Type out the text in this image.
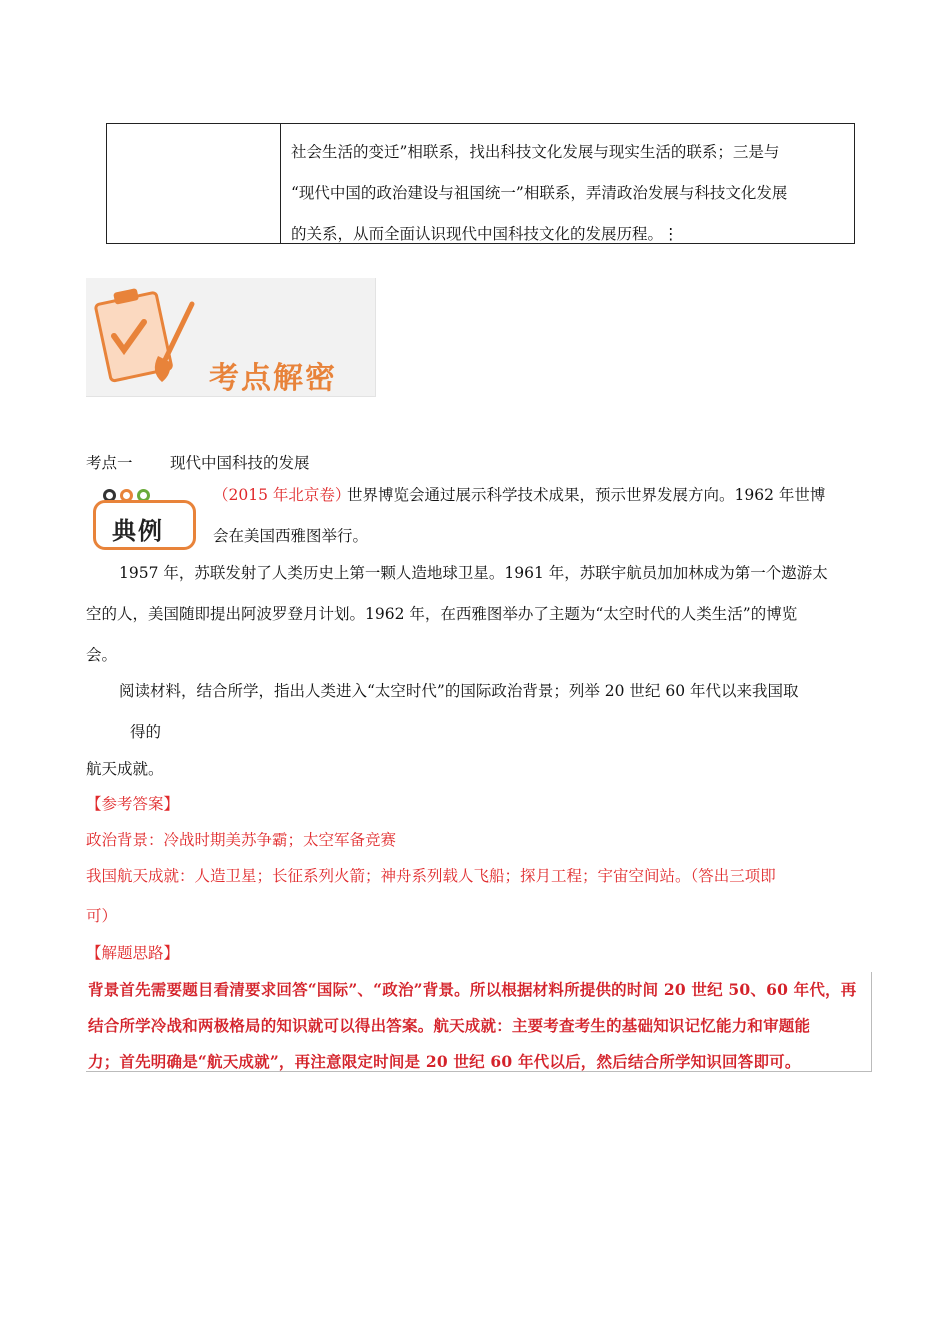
社会生活的变迁”相联系，找出科技文化发展与现实生活的联系；三是与
“现代中国的政治建设与祖国统一”相联系，弄清政治发展与科技文化发展
的关系，从而全面认识现代中国科技文化的发展历程。⋮
考点解密
考点一 现代中国科技的发展
典例
（2015 年北京卷）
世界博览会通过展示科学技术成果，预示世界发展方向。1962 年世博
会在美国西雅图举行。
1957 年，苏联发射了人类历史上第一颗人造地球卫星。1961 年，苏联宇航员加加林成为第一个遨游太
空的人，美国随即提出阿波罗登月计划。1962 年，在西雅图举办了主题为“太空时代的人类生活”的博览
会。
阅读材料，结合所学，指出人类进入“太空时代”的国际政治背景；列举 20 世纪 60 年代以来我国取
得的
航天成就。
【参考答案】
政治背景：冷战时期美苏争霸；太空军备竞赛
我国航天成就：人造卫星；长征系列火箭；神舟系列载人飞船；探月工程；宇宙空间站。（答出三项即
可）
【解题思路】
背景首先需要题目看清要求回答“国际”、“政治”背景。所以根据材料所提供的时间 20 世纪 50、60 年代，再
结合所学冷战和两极格局的知识就可以得出答案。航天成就：主要考查考生的基础知识记忆能力和审题能
力；首先明确是“航天成就”，再注意限定时间是 20 世纪 60 年代以后，然后结合所学知识回答即可。
